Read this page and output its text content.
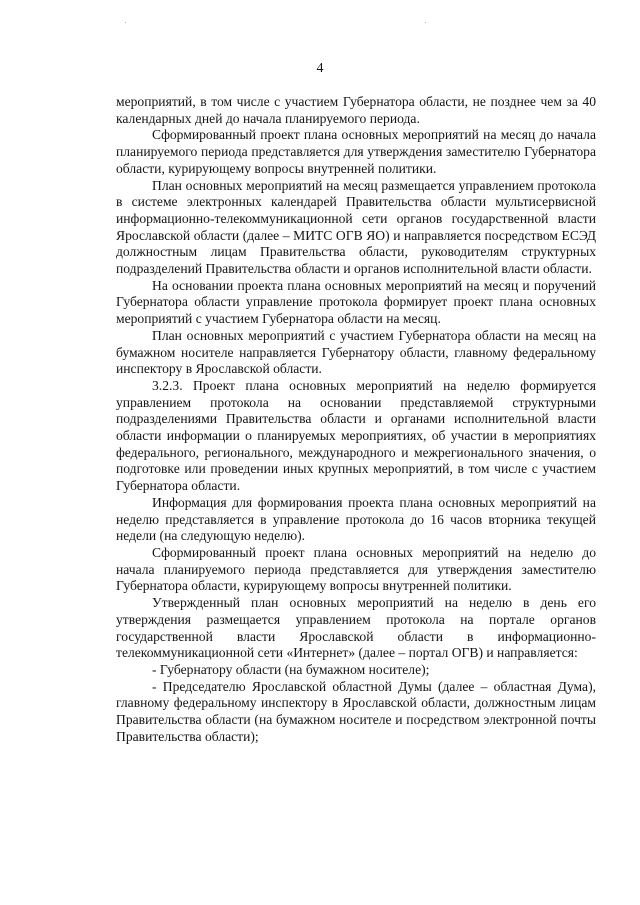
4

мероприятий, в том числе с участием Губернатора области, не позднее чем за 40 календарных дней до начала планируемого периода.

Сформированный проект плана основных мероприятий на месяц до начала планируемого периода представляется для утверждения заместителю Губернатора области, курирующему вопросы внутренней политики.

План основных мероприятий на месяц размещается управлением протокола в системе электронных календарей Правительства области мультисервисной информационно-телекоммуникационной сети органов государственной власти Ярославской области (далее – МИТС ОГВ ЯО) и направляется посредством ЕСЭД должностным лицам Правительства области, руководителям структурных подразделений Правительства области и органов исполнительной власти области.

На основании проекта плана основных мероприятий на месяц и поручений Губернатора области управление протокола формирует проект плана основных мероприятий с участием Губернатора области на месяц.

План основных мероприятий с участием Губернатора области на месяц на бумажном носителе направляется Губернатору области, главному федеральному инспектору в Ярославской области.

3.2.3. Проект плана основных мероприятий на неделю формируется управлением протокола на основании представляемой структурными подразделениями Правительства области и органами исполнительной власти области информации о планируемых мероприятиях, об участии в мероприятиях федерального, регионального, международного и межрегионального значения, о подготовке или проведении иных крупных мероприятий, в том числе с участием Губернатора области.

Информация для формирования проекта плана основных мероприятий на неделю представляется в управление протокола до 16 часов вторника текущей недели (на следующую неделю).

Сформированный проект плана основных мероприятий на неделю до начала планируемого периода представляется для утверждения заместителю Губернатора области, курирующему вопросы внутренней политики.

Утвержденный план основных мероприятий на неделю в день его утверждения размещается управлением протокола на портале органов государственной власти Ярославской области в информационно-телекоммуникационной сети «Интернет» (далее – портал ОГВ) и направляется:

- Губернатору области (на бумажном носителе);

- Председателю Ярославской областной Думы (далее – областная Дума), главному федеральному инспектору в Ярославской области, должностным лицам Правительства области (на бумажном носителе и посредством электронной почты Правительства области);
